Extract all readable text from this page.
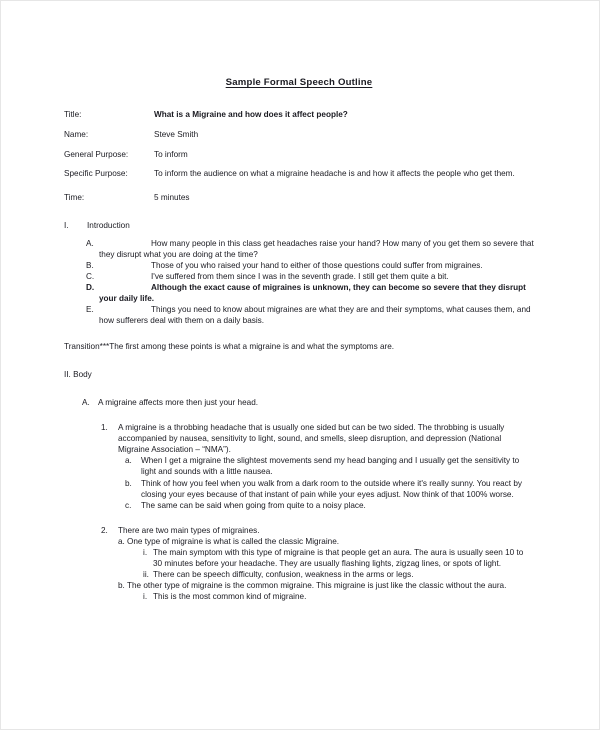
Sample Formal Speech Outline
Title:	What is a Migraine and how does it affect people?
Name:	Steve Smith
General Purpose:	To inform
Specific Purpose:	To inform the audience on what a migraine headache is and how it affects the people who get them.
Time:	5 minutes
I. Introduction
A.	How many people in this class get headaches raise your hand? How many of you get them so severe that they disrupt what you are doing at the time?
B.	Those of you who raised your hand to either of those questions could suffer from migraines.
C.	I've suffered from them since I was in the seventh grade. I still get them quite a bit.
D.	Although the exact cause of migraines is unknown, they can become so severe that they disrupt your daily life.
E.	Things you need to know about migraines are what they are and their symptoms, what causes them, and how sufferers deal with them on a daily basis.
Transition***The first among these points is what a migraine is and what the symptoms are.
II. Body
A. A migraine affects more then just your head.
1. A migraine is a throbbing headache that is usually one sided but can be two sided. The throbbing is usually accompanied by nausea, sensitivity to light, sound, and smells, sleep disruption, and depression (National Migraine Association – “NMA”).
a. When I get a migraine the slightest movements send my head banging and I usually get the sensitivity to light and sounds with a little nausea.
b. Think of how you feel when you walk from a dark room to the outside where it's really sunny. You react by closing your eyes because of that instant of pain while your eyes adjust. Now think of that 100% worse.
c. The same can be said when going from quite to a noisy place.
2. There are two main types of migraines.
a. One type of migraine is what is called the classic Migraine.
i. The main symptom with this type of migraine is that people get an aura. The aura is usually seen 10 to 30 minutes before your headache. They are usually flashing lights, zigzag lines, or spots of light.
ii. There can be speech difficulty, confusion, weakness in the arms or legs.
b. The other type of migraine is the common migraine. This migraine is just like the classic without the aura.
i. This is the most common kind of migraine.
